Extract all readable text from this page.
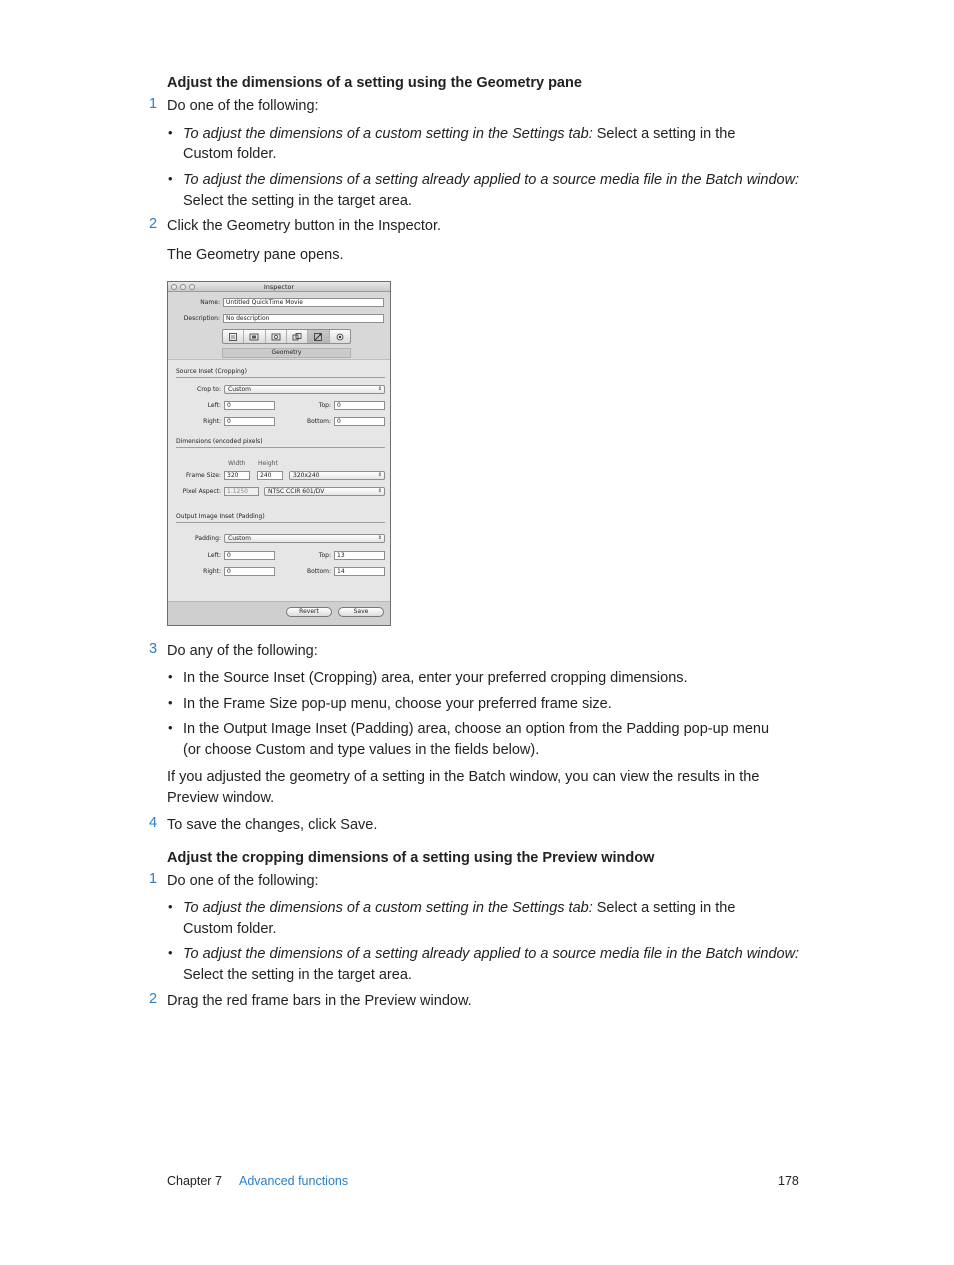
Adjust the dimensions of a setting using the Geometry pane
1 Do one of the following:
• To adjust the dimensions of a custom setting in the Settings tab: Select a setting in the
Custom folder.
• To adjust the dimensions of a setting already applied to a source media file in the Batch window:
Select the setting in the target area.
2 Click the Geometry button in the Inspector.
The Geometry pane opens.
Inspector
Name:	Untitled QuickTime Movie
Description:	No description
Geometry
Source Inset (Cropping)
Crop to:	Custom	⇕
Left:	0	Top:	0
Right:	0	Bottom:	0
Dimensions (encoded pixels)
Width Height
Frame Size:	320	240	320x240	⇕
Pixel Aspect:	1.1250	NTSC CCIR 601/DV	⇕
Output Image Inset (Padding)
Padding:	Custom	⇕
Left:	0	Top:	13
Right:	0	Bottom:	14
Revert	Save
3 Do any of the following:
• In the Source Inset (Cropping) area, enter your preferred cropping dimensions.
• In the Frame Size pop-up menu, choose your preferred frame size.
• In the Output Image Inset (Padding) area, choose an option from the Padding pop-up menu
(or choose Custom and type values in the fields below).
If you adjusted the geometry of a setting in the Batch window, you can view the results in the
Preview window.
4 To save the changes, click Save.
Adjust the cropping dimensions of a setting using the Preview window
1 Do one of the following:
• To adjust the dimensions of a custom setting in the Settings tab: Select a setting in the
Custom folder.
• To adjust the dimensions of a setting already applied to a source media file in the Batch window:
Select the setting in the target area.
2 Drag the red frame bars in the Preview window.
Chapter 7 Advanced functions	178
